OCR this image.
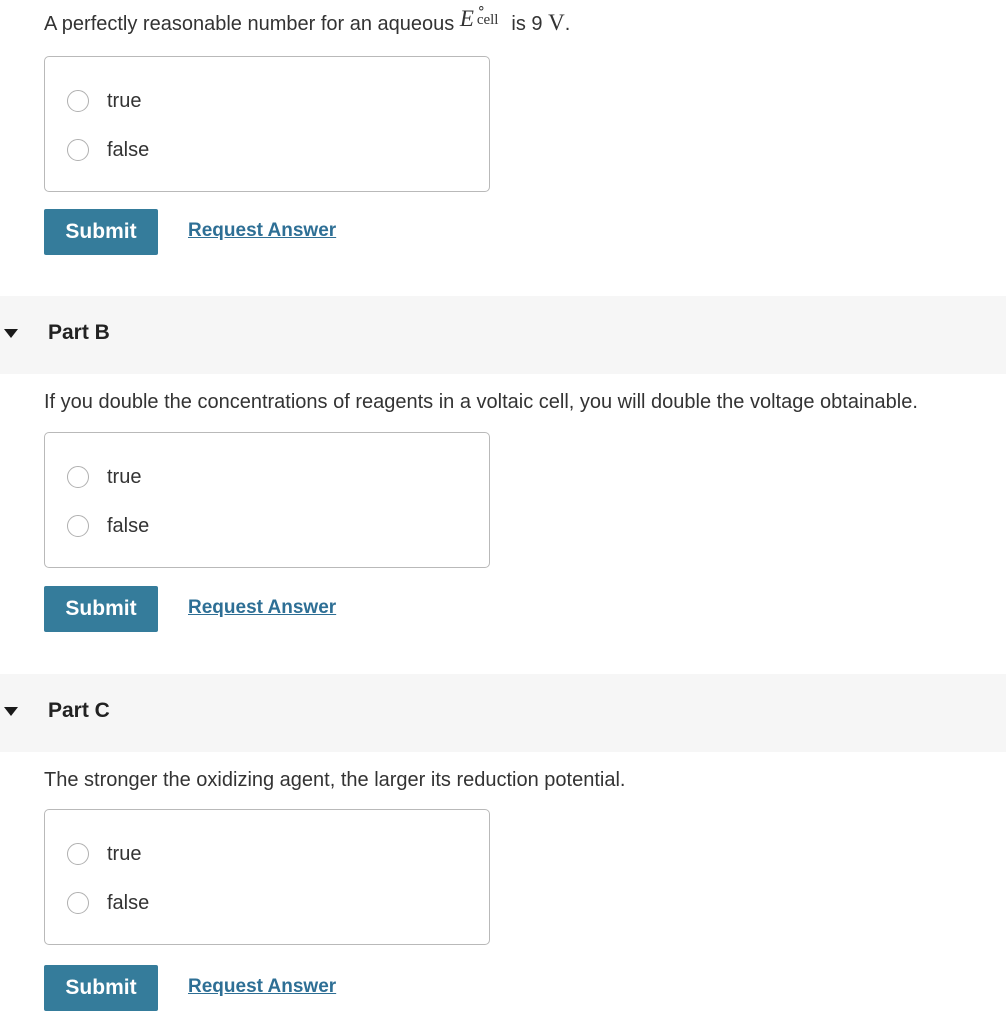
A perfectly reasonable number for an aqueous E ∘
cell is 9 V.
true
false
Submit	Request Answer
Part B
If you double the concentrations of reagents in a voltaic cell, you will double the voltage obtainable.
true
false
Submit	Request Answer
Part C
The stronger the oxidizing agent, the larger its reduction potential.
true
false
Submit	Request Answer
